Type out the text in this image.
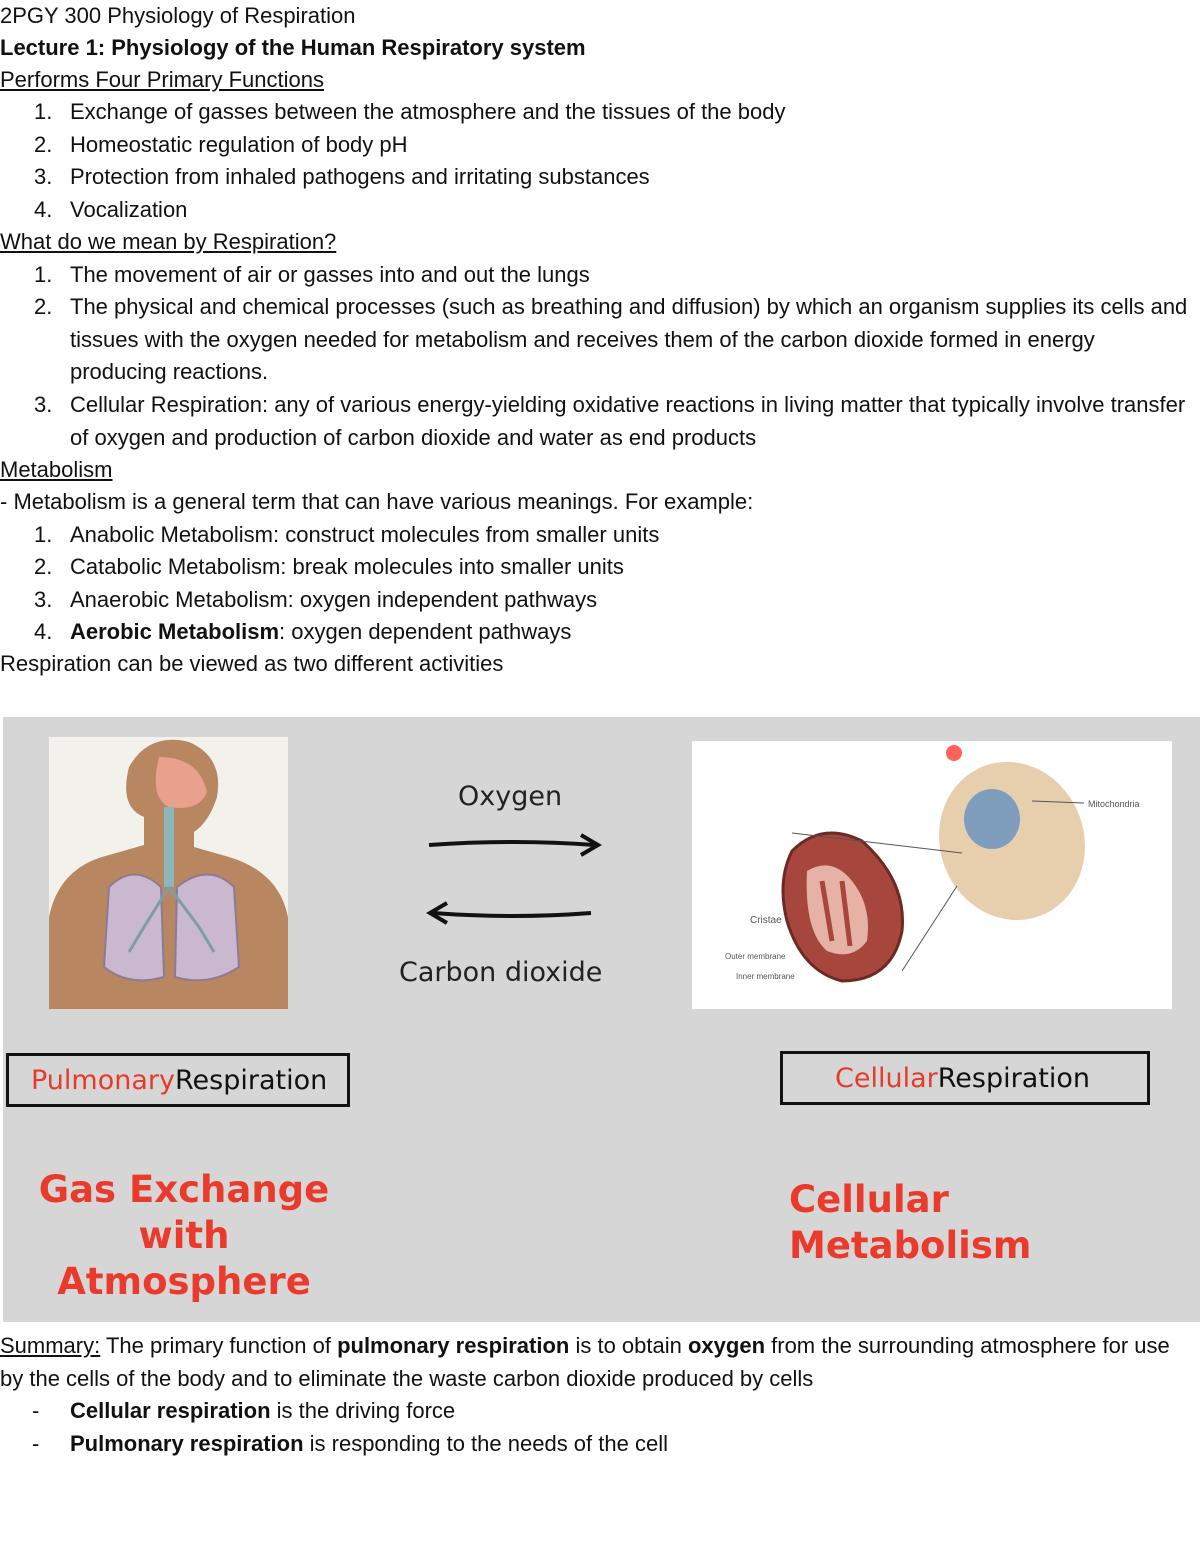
2PGY 300 Physiology of Respiration
Lecture 1: Physiology of the Human Respiratory system
Performs Four Primary Functions
1. Exchange of gasses between the atmosphere and the tissues of the body
2. Homeostatic regulation of body pH
3. Protection from inhaled pathogens and irritating substances
4. Vocalization
What do we mean by Respiration?
1. The movement of air or gasses into and out the lungs
2. The physical and chemical processes (such as breathing and diffusion) by which an organism supplies its cells and tissues with the oxygen needed for metabolism and receives them of the carbon dioxide formed in energy producing reactions.
3. Cellular Respiration: any of various energy-yielding oxidative reactions in living matter that typically involve transfer of oxygen and production of carbon dioxide and water as end products
Metabolism
- Metabolism is a general term that can have various meanings. For example:
1. Anabolic Metabolism: construct molecules from smaller units
2. Catabolic Metabolism: break molecules into smaller units
3. Anaerobic Metabolism: oxygen independent pathways
4. Aerobic Metabolism: oxygen dependent pathways
Respiration can be viewed as two different activities
Oxygen
Carbon dioxide
Mitochondria
Cristae
Outer membrane
Inner membrane
Pulmonary Respiration	Cellular Respiration
Gas Exchange with
Atmosphere
Cellular Metabolism
Summary: The primary function of pulmonary respiration is to obtain oxygen from the surrounding atmosphere for use by the cells of the body and to eliminate the waste carbon dioxide produced by cells
- Cellular respiration is the driving force
- Pulmonary respiration is responding to the needs of the cell
